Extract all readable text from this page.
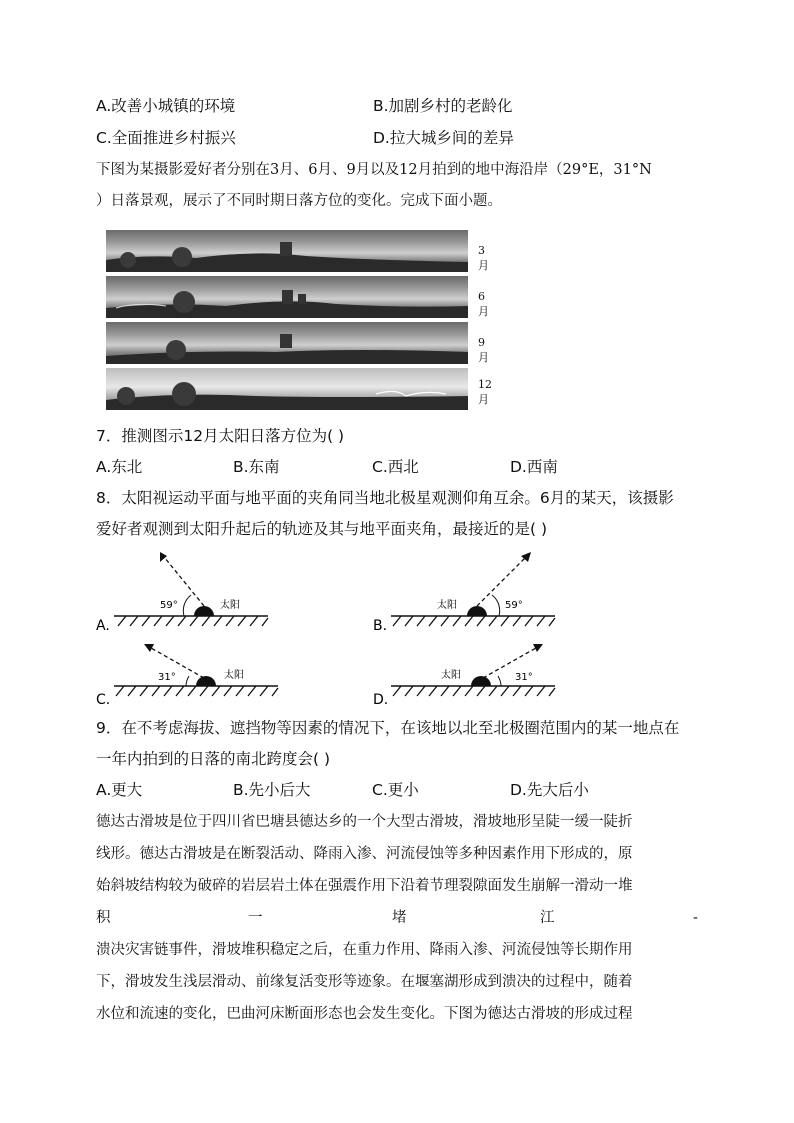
A.改善小城镇的环境	B.加剧乡村的老龄化
C.全面推进乡村振兴	D.拉大城乡间的差异
下图为某摄影爱好者分别在3月、6月、9月以及12月拍到的地中海沿岸（29°E，31°N
）日落景观，展示了不同时期日落方位的变化。完成下面小题。
3月
6月
9月
12月
7．推测图示12月太阳日落方位为( )
A.东北	B.东南	C.西北	D.西南
8．太阳视运动平面与地平面的夹角同当地北极星观测仰角互余。6月的某天，该摄影
爱好者观测到太阳升起后的轨迹及其与地平面夹角，最接近的是( )
A.
59°	太阳
B.
59°
太阳
C.
31°	太阳
D.
31°
太阳
9．在不考虑海拔、遮挡物等因素的情况下，在该地以北至北极圈范围内的某一地点在
一年内拍到的日落的南北跨度会( )
A.更大	B.先小后大	C.更小	D.先大后小
德达古滑坡是位于四川省巴塘县德达乡的一个大型古滑坡，滑坡地形呈陡一缓一陡折
线形。德达古滑坡是在断裂活动、降雨入渗、河流侵蚀等多种因素作用下形成的，原
始斜坡结构较为破碎的岩层岩土体在强震作用下沿着节理裂隙面发生崩解一滑动一堆
积	一	堵	江	-
溃决灾害链事件，滑坡堆积稳定之后，在重力作用、降雨入渗、河流侵蚀等长期作用
下，滑坡发生浅层滑动、前缘复活变形等迹象。在堰塞湖形成到溃决的过程中，随着
水位和流速的变化，巴曲河床断面形态也会发生变化。下图为德达古滑坡的形成过程
